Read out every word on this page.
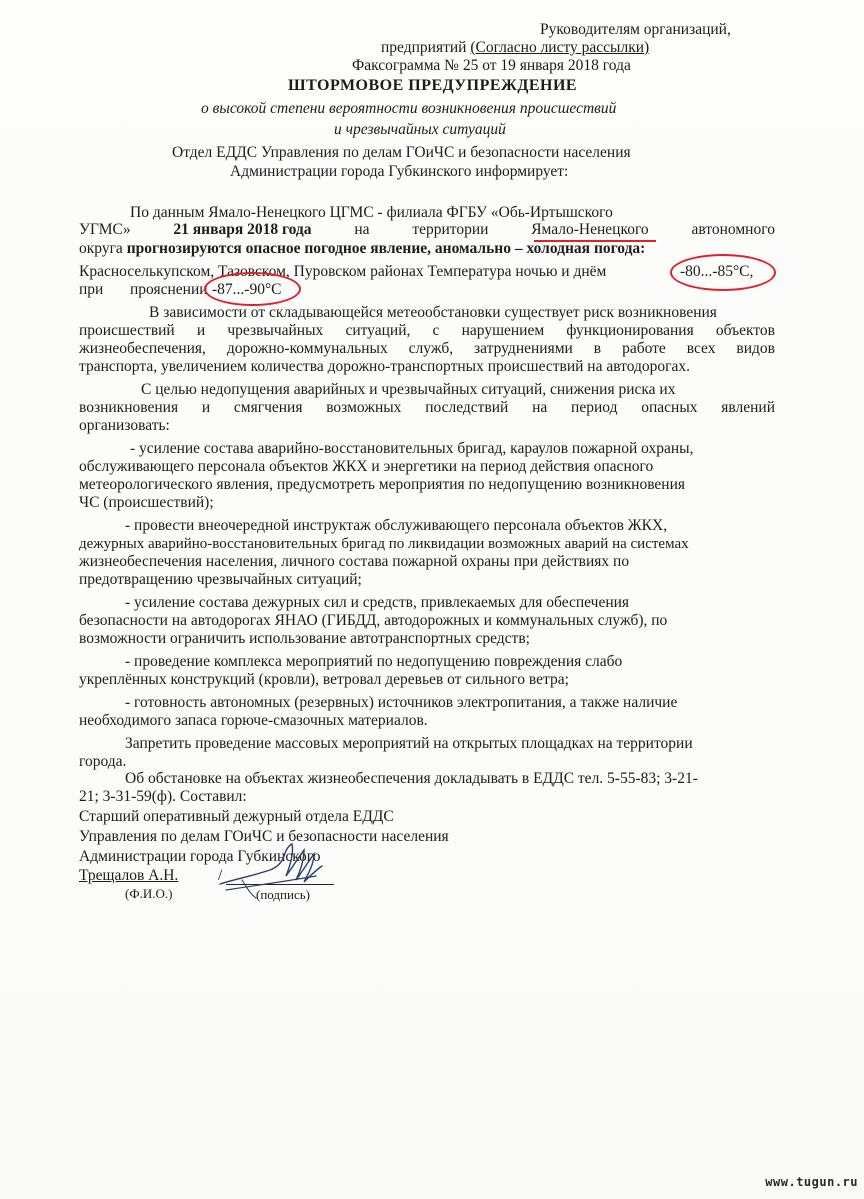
Руководителям организаций,
предприятий (Согласно листу рассылки)
Факсограмма № 25 от 19 января 2018 года
ШТОРМОВОЕ ПРЕДУПРЕЖДЕНИЕ
о высокой степени вероятности возникновения происшествий
и чрезвычайных ситуаций
Отдел ЕДДС Управления по делам ГОиЧС и безопасности населения
Администрации города Губкинского информирует:
По данным Ямало-Ненецкого ЦГМС - филиала ФГБУ «Обь-Иртышского
УГМС»	21 января 2018 года	на	территории	Ямало-Ненецкого	автономного
округа прогнозируются опасное погодное явление, аномально – холодная погода:
Красноселькупском, Тазовском, Пуровском районах Температура ночью и днём	-80...-85°С,
при прояснении -87...-90°С
В зависимости от складывающейся метеообстановки существует риск возникновения
происшествий и чрезвычайных ситуаций, с нарушением функционирования объектов
жизнеобеспечения, дорожно-коммунальных служб, затруднениями в работе всех видов
транспорта, увеличением количества дорожно-транспортных происшествий на автодорогах.
С целью недопущения аварийных и чрезвычайных ситуаций, снижения риска их
возникновения и смягчения возможных последствий на период опасных явлений
организовать:
- усиление состава аварийно-восстановительных бригад, караулов пожарной охраны,
обслуживающего персонала объектов ЖКХ и энергетики на период действия опасного
метеорологического явления, предусмотреть мероприятия по недопущению возникновения
ЧС (происшествий);
- провести внеочередной инструктаж обслуживающего персонала объектов ЖКХ,
дежурных аварийно-восстановительных бригад по ликвидации возможных аварий на системах
жизнеобеспечения населения, личного состава пожарной охраны при действиях по
предотвращению чрезвычайных ситуаций;
- усиление состава дежурных сил и средств, привлекаемых для обеспечения
безопасности на автодорогах ЯНАО (ГИБДД, автодорожных и коммунальных служб), по
возможности ограничить использование автотранспортных средств;
- проведение комплекса мероприятий по недопущению повреждения слабо
укреплённых конструкций (кровли), ветровал деревьев от сильного ветра;
- готовность автономных (резервных) источников электропитания, а также наличие
необходимого запаса горюче-смазочных материалов.
Запретить проведение массовых мероприятий на открытых площадках на территории
города.
Об обстановке на объектах жизнеобеспечения докладывать в ЕДДС тел. 5-55-83; 3-21-
21; 3-31-59(ф). Составил:
Старший оперативный дежурный отдела ЕДДС
Управления по делам ГОиЧС и безопасности населения
Администрации города Губкинского
Трещалов А.Н.	/
(Ф.И.О.)	(подпись)
www.tugun.ru
